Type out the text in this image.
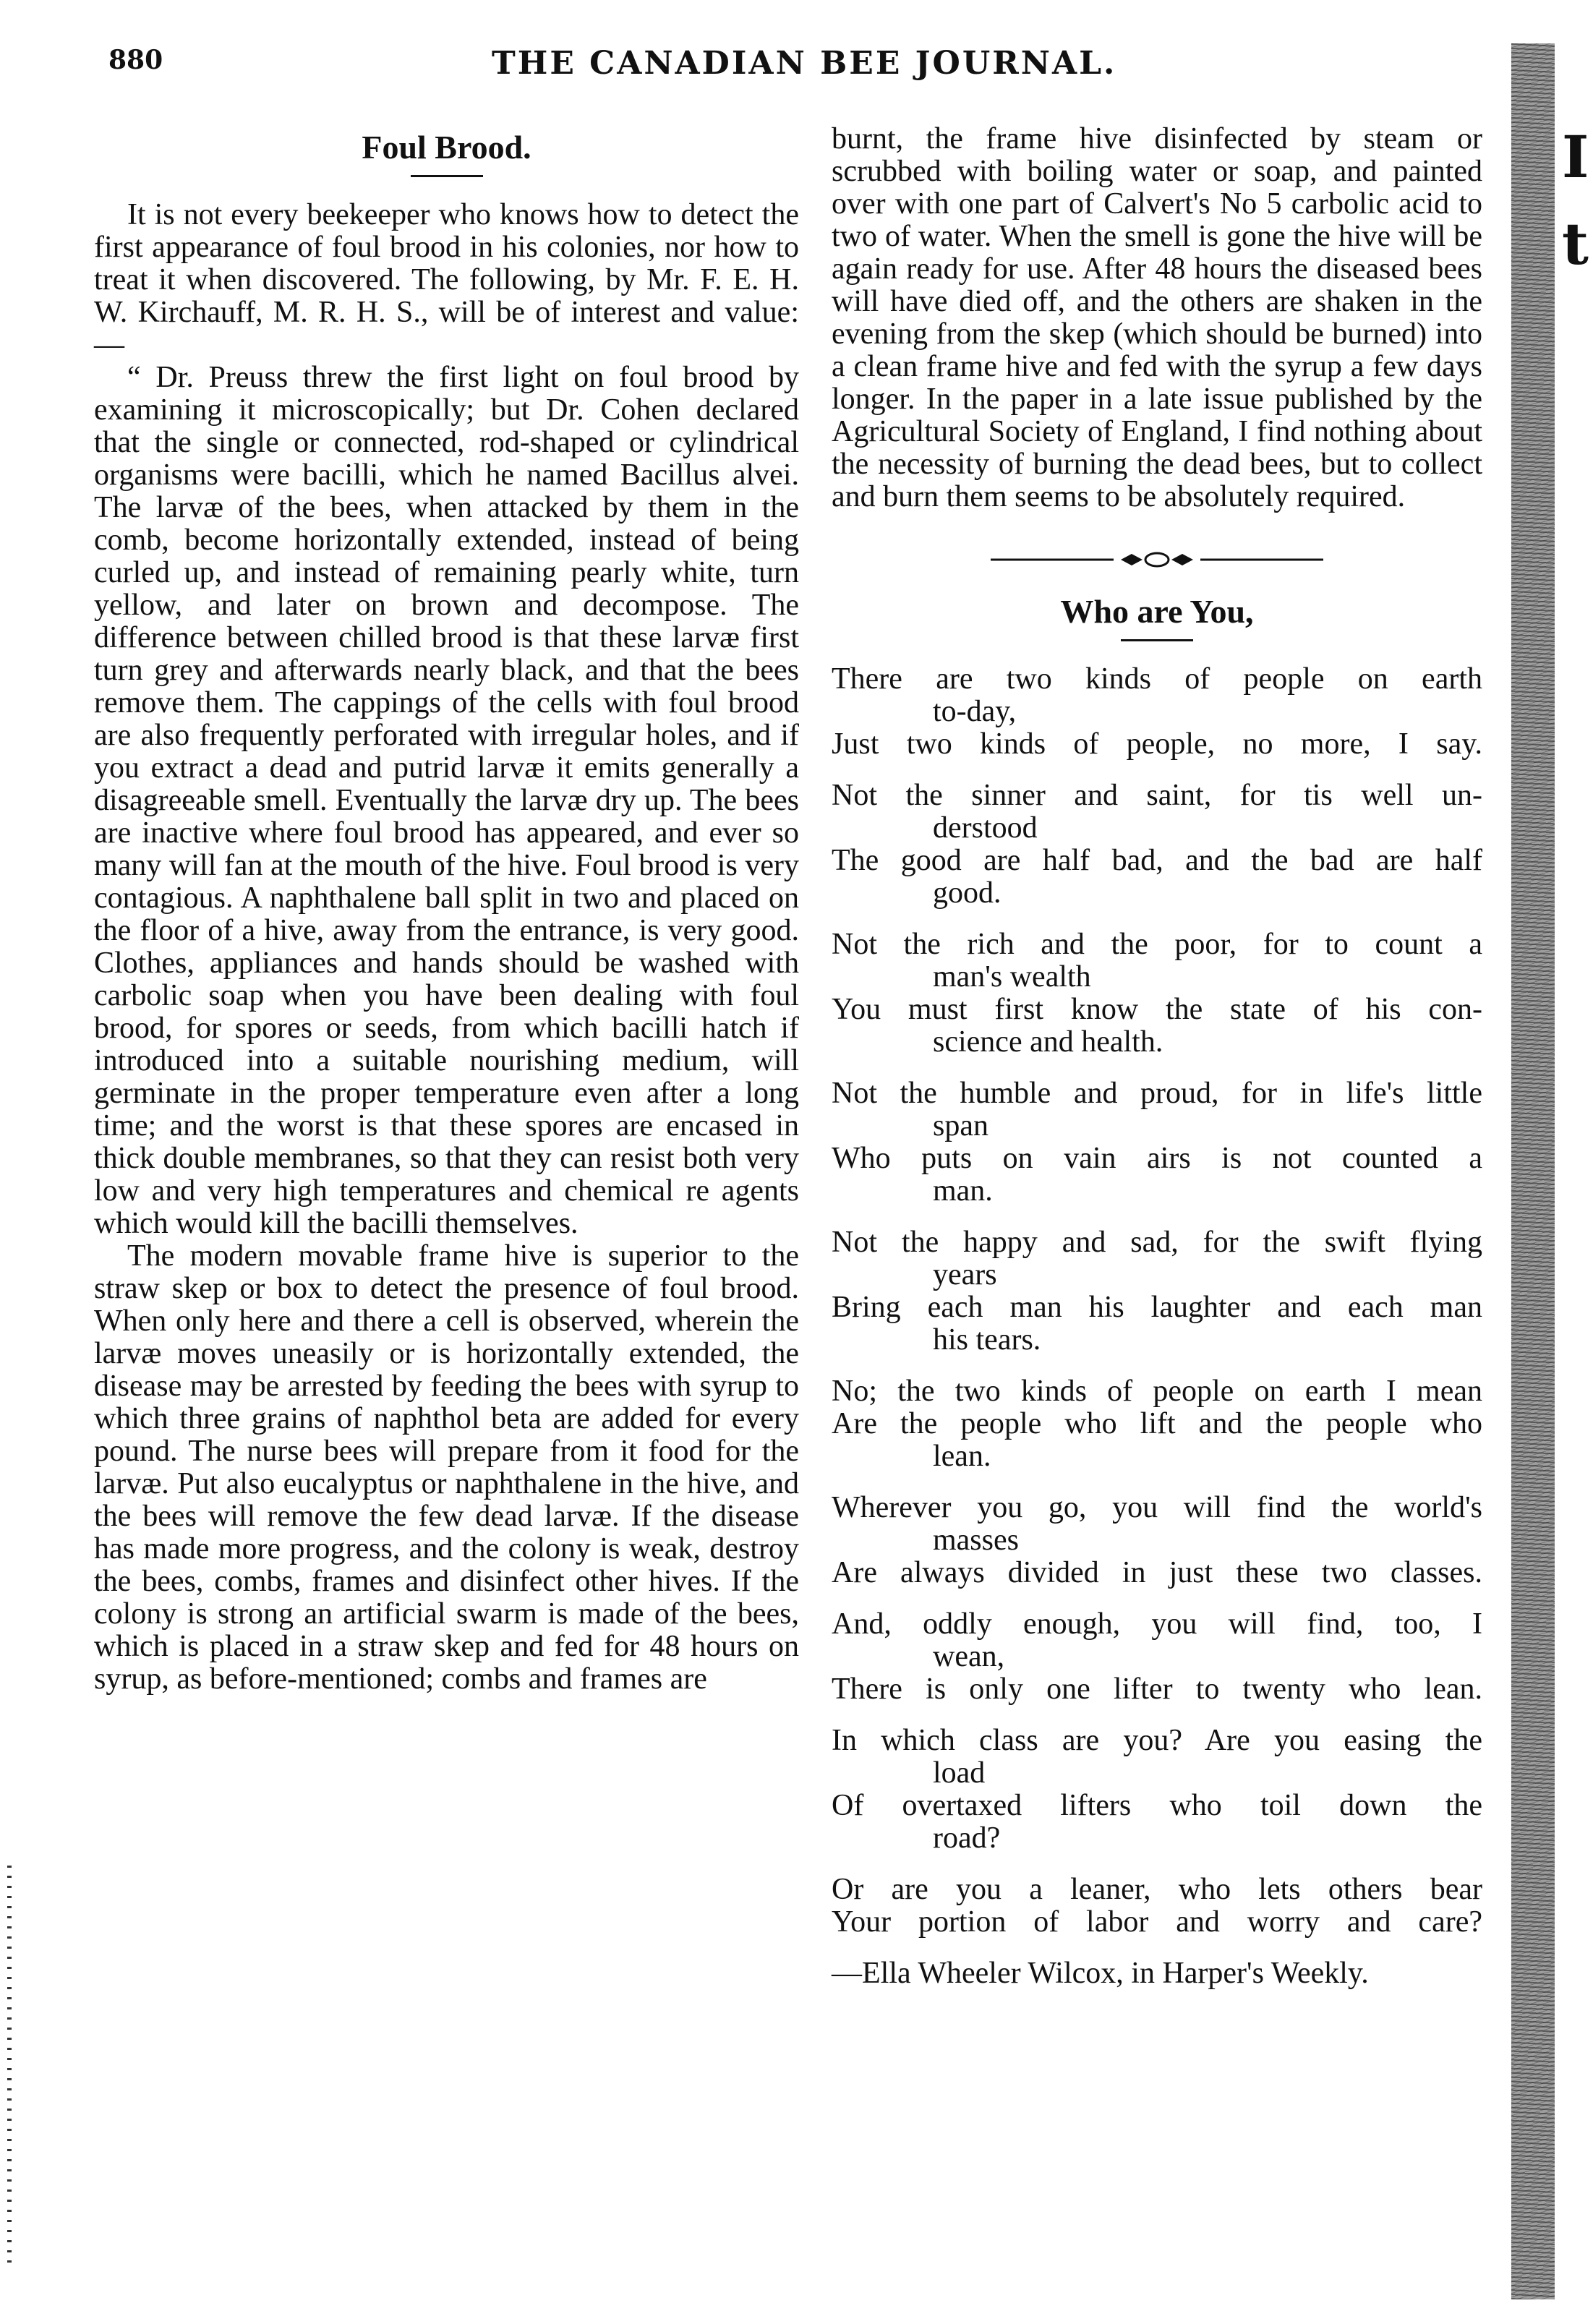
880	THE CANADIAN BEE JOURNAL.
Foul Brood.

It is not every beekeeper who knows how to detect the first appearance of foul brood in his colonies, nor how to treat it when discovered. The following, by Mr. F. E. H. W. Kirchauff, M. R. H. S., will be of interest and value:—

“ Dr. Preuss threw the first light on foul brood by examining it microscopically; but Dr. Cohen declared that the single or connected, rod-shaped or cylindrical organisms were bacilli, which he named Bacillus alvei. The larvæ of the bees, when attacked by them in the comb, become horizontally extended, instead of being curled up, and instead of remaining pearly white, turn yellow, and later on brown and decompose. The difference between chilled brood is that these larvæ first turn grey and afterwards nearly black, and that the bees remove them. The cappings of the cells with foul brood are also frequently perforated with irregular holes, and if you extract a dead and putrid larvæ it emits generally a disagreeable smell. Eventually the larvæ dry up. The bees are inactive where foul brood has appeared, and ever so many will fan at the mouth of the hive. Foul brood is very contagious. A naphthalene ball split in two and placed on the floor of a hive, away from the entrance, is very good. Clothes, appliances and hands should be washed with carbolic soap when you have been dealing with foul brood, for spores or seeds, from which bacilli hatch if introduced into a suitable nourishing medium, will germinate in the proper temperature even after a long time; and the worst is that these spores are encased in thick double membranes, so that they can resist both very low and very high temperatures and chemical re agents which would kill the bacilli themselves.

The modern movable frame hive is superior to the straw skep or box to detect the presence of foul brood. When only here and there a cell is observed, wherein the larvæ moves uneasily or is horizontally extended, the disease may be arrested by feeding the bees with syrup to which three grains of naphthol beta are added for every pound. The nurse bees will prepare from it food for the larvæ. Put also eucalyptus or naphthalene in the hive, and the bees will remove the few dead larvæ. If the disease has made more progress, and the colony is weak, destroy the bees, combs, frames and disinfect other hives. If the colony is strong an artificial swarm is made of the bees, which is placed in a straw skep and fed for 48 hours on syrup, as before-mentioned; combs and frames are

burnt, the frame hive disinfected by steam or scrubbed with boiling water or soap, and painted over with one part of Calvert's No 5 carbolic acid to two of water. When the smell is gone the hive will be again ready for use. After 48 hours the diseased bees will have died off, and the others are shaken in the evening from the skep (which should be burned) into a clean frame hive and fed with the syrup a few days longer. In the paper in a late issue published by the Agricultural Society of England, I find nothing about the necessity of burning the dead bees, but to collect and burn them seems to be absolutely required.

Who are You,
There are two kinds of people on earth
to-day,
Just two kinds of people, no more, I say.
Not the sinner and saint, for tis well un-
derstood
The good are half bad, and the bad are half
good.
Not the rich and the poor, for to count a
man's wealth
You must first know the state of his con-
science and health.
Not the humble and proud, for in life's little
span
Who puts on vain airs is not counted a
man.
Not the happy and sad, for the swift flying
years
Bring each man his laughter and each man
his tears.
No; the two kinds of people on earth I mean
Are the people who lift and the people who
lean.
Wherever you go, you will find the world's
masses
Are always divided in just these two classes.
And, oddly enough, you will find, too, I
wean,
There is only one lifter to twenty who lean.
In which class are you? Are you easing the
load
Of overtaxed lifters who toil down the
road?
Or are you a leaner, who lets others bear
Your portion of labor and worry and care?
—Ella Wheeler Wilcox, in Harper's Weekly.
I
t
